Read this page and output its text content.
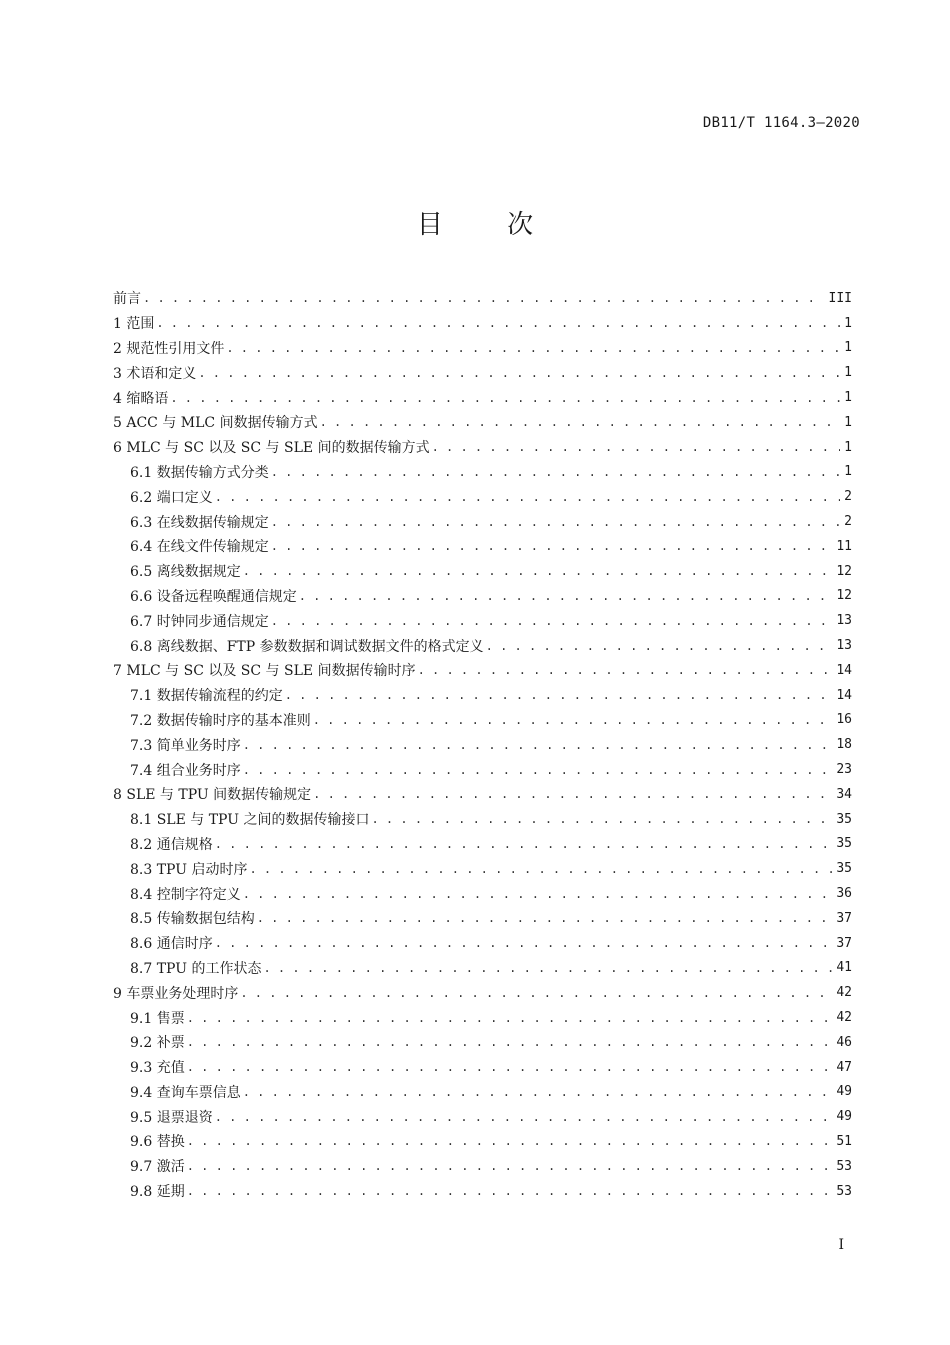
DB11/T 1164.3—2020
目 次
前言 . . .	III
1 范围 . . .	1
2 规范性引用文件 . . .	1
3 术语和定义 . . .	1
4 缩略语 . . .	1
5 ACC 与 MLC 间数据传输方式 . . .	1
6 MLC 与 SC 以及 SC 与 SLE 间的数据传输方式 . . .	1
6.1 数据传输方式分类 . . .	1
6.2 端口定义 . . .	2
6.3 在线数据传输规定 . . .	2
6.4 在线文件传输规定 . . .	11
6.5 离线数据规定 . . .	12
6.6 设备远程唤醒通信规定 . . .	12
6.7 时钟同步通信规定 . . .	13
6.8 离线数据、FTP 参数数据和调试数据文件的格式定义 . . .	13
7 MLC 与 SC 以及 SC 与 SLE 间数据传输时序 . . .	14
7.1 数据传输流程的约定 . . .	14
7.2 数据传输时序的基本准则 . . .	16
7.3 简单业务时序 . . .	18
7.4 组合业务时序 . . .	23
8 SLE 与 TPU 间数据传输规定 . . .	34
8.1 SLE 与 TPU 之间的数据传输接口 . . .	35
8.2 通信规格 . . .	35
8.3 TPU 启动时序 . . .	35
8.4 控制字符定义 . . .	36
8.5 传输数据包结构 . . .	37
8.6 通信时序 . . .	37
8.7 TPU 的工作状态 . . .	41
9 车票业务处理时序 . . .	42
9.1 售票 . . .	42
9.2 补票 . . .	46
9.3 充值 . . .	47
9.4 查询车票信息 . . .	49
9.5 退票退资 . . .	49
9.6 替换 . . .	51
9.7 激活 . . .	53
9.8 延期 . . .	53
I
